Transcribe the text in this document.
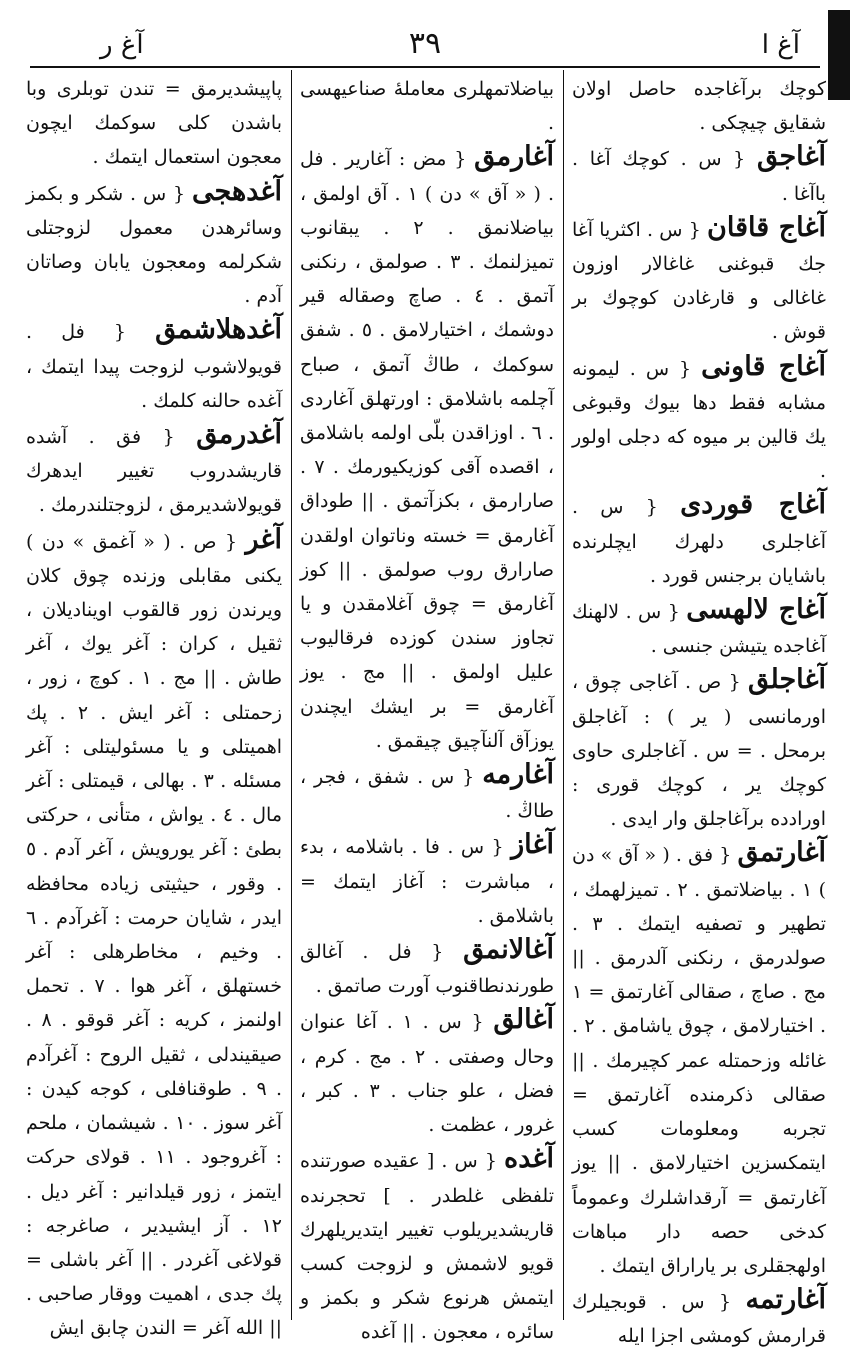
آغ ا
٣٩
آغ ر

كوچك برآغاجده حاصل اولان شقايق چيچكى .

آغاجق { س . كوچك آغا . باآغا .

آغاج قاقان { س . اكثريا آغا جك قبوغنى غاغالار اوزون غاغالى و قارغادن كوچوك بر قوش .

آغاج قاونى { س . ليمونه مشابه فقط دها بيوك وقبوغى يك قالين بر ميوه كه دجلى اولور .

آغاج قوردى { س . آغاجلرى دلهرك ايچلرنده باشايان برجنس قورد .

آغاج لالهسى { س . لالهنك آغاجده يتيشن جنسى .

آغاجلق { ص . آغاجى چوق ، اورمانسى ( ير ) : آغاجلق برمحل . = س . آغاجلرى حاوى كوچك ير ، كوچك قورى : اورادده برآغاجلق وار ايدى .

آغارتمق { فق . ( « آق » دن ) ١ . بياضلاتمق . ٢ . تميزلهمك ، تطهير و تصفيه ايتمك . ٣ . صولدرمق ، رنكنى آلدرمق . || مج . صاچ ، صقالى آغارتمق = ١ . اختيارلامق ، چوق ياشامق . ٢ . غائله وزحمتله عمر كچيرمك . || صقالى ذكرمنده آغارتمق = تجربه ومعلومات كسب ايتمكسزين اختيارلامق . || يوز آغارتمق = آرقداشلرك وعموماً كدخى حصه دار مباهات اولهجقلرى بر ياراراق ايتمك .

آغارتمه { س . قوبجيلرك قرارمش كومشى اجزا ايله

بياضلاتمهلرى معاملهٔ صناعيهسى .

آغارمق { مض : آغارير . فل . ( « آق » دن ) ١ . آق اولمق ، بياضلانمق . ٢ . يبقانوب تميزلنمك . ٣ . صولمق ، رنكنى آتمق . ٤ . صاچ وصقاله قير دوشمك ، اختيارلامق . ٥ . شفق سوكمك ، طاڭ آتمق ، صباح آچلمه باشلامق : اورتهلق آغاردى . ٦ . اوزاقدن بلّى اولمه باشلامق ، اقصده آقى كوزيكيورمك . ٧ . صارارمق ، بكزآتمق . || طوداق آغارمق = خسته وناتوان اولقدن صارارق روب صولمق . || كوز آغارمق = چوق آغلامقدن و يا تجاوز سندن كوزده فرقاليوب عليل اولمق . || مج . يوز آغارمق = بر ايشك ايچندن يوزآق آلنآچيق چيقمق .

آغارمه { س . شفق ، فجر ، طاڭ .

آغاز { س . فا . باشلامه ، بدء ، مباشرت : آغاز ايتمك = باشلامق .

آغالانمق { فل . آغالق طورندنطاقنوب آورت صاتمق .

آغالق { س . ١ . آغا عنوان وحال وصفتى . ٢ . مج . كرم ، فضل ، علو جناب . ٣ . كبر ، غرور ، عظمت .

آغده { س . [ عقيده صورتنده تلفظى غلطدر . ] تحجرنده قاريشديريلوب تغيير ايتديريلهرك قويو لاشمش و لزوجت كسب ايتمش هرنوع شكر و بكمز و سائره ، معجون . || آغده

پاپيشديرمق = تندن توبلرى وبا باشدن كلى سوكمك ايچون معجون استعمال ايتمك .

آغدهجى { س . شكر و بكمز وسائرهدن معمول لزوجتلى شكرلمه ومعجون يابان وصاتان آدم .

آغدهلاشمق { فل . قويولاشوب لزوجت پيدا ايتمك ، آغده حالنه كلمك .

آغدرمق { فق . آشده قاريشدروب تغيير ايدهرك قويولاشديرمق ، لزوجتلندرمك .

آغر { ص . ( « آغمق » دن ) يكنى مقابلى وزنده چوق كلان ويرندن زور قالقوب اويناديلان ، ثقيل ، كران : آغر يوك ، آغر طاش . || مج . ١ . كوچ ، زور ، زحمتلى : آغر ايش . ٢ . پك اهميتلى و يا مسئوليتلى : آغر مسئله . ٣ . بهالى ، قيمتلى : آغر مال . ٤ . يواش ، متأنى ، حركتى بطئ : آغر يورويش ، آغر آدم . ٥ . وقور ، حيثيتى زياده محافظه ايدر ، شايان حرمت : آغرآدم . ٦ . وخيم ، مخاطرهلى : آغر خستهلق ، آغر هوا . ٧ . تحمل اولنمز ، كريه : آغر قوقو . ٨ . صيقيندلى ، ثقيل الروح : آغرآدم . ٩ . طوقنافلى ، كوجه كيدن : آغر سوز . ١٠ . شيشمان ، ملحم : آغروجود . ١١ . قولاى حركت ايتمز ، زور قيلدانير : آغر ديل . ١٢ . آز ايشيدير ، صاغرجه : قولاغى آغردر . || آغر باشلى = پك جدى ، اهميت ووقار صاحبى . || الله آغر = الندن چابق ايش
